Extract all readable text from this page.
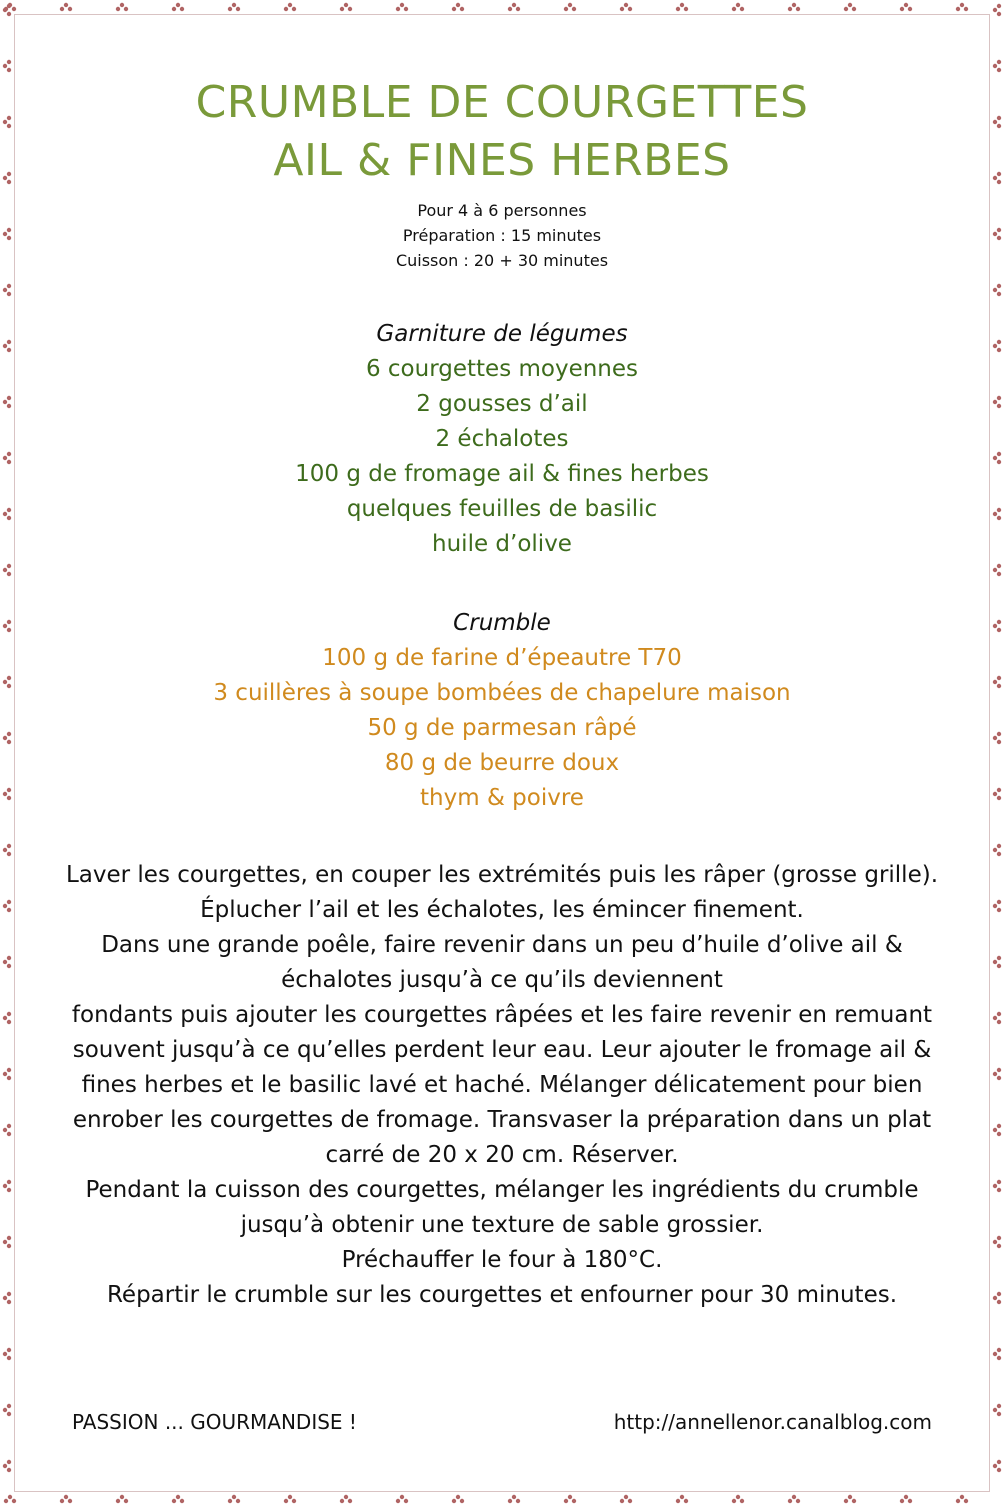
CRUMBLE DE COURGETTES
AIL & FINES HERBES
Pour 4 à 6 personnes
Préparation : 15 minutes
Cuisson : 20 + 30 minutes
Garniture de légumes
6 courgettes moyennes
2 gousses d’ail
2 échalotes
100 g de fromage ail & fines herbes
quelques feuilles de basilic
huile d’olive
Crumble
100 g de farine d’épeautre T70
3 cuillères à soupe bombées de chapelure maison
50 g de parmesan râpé
80 g de beurre doux
thym & poivre

Laver les courgettes, en couper les extrémités puis les râper (grosse grille). Éplucher l’ail et les échalotes, les émincer finement.

Dans une grande poêle, faire revenir dans un peu d’huile d’olive ail & échalotes jusqu’à ce qu’ils deviennent

fondants puis ajouter les courgettes râpées et les faire revenir en remuant souvent jusqu’à ce qu’elles perdent leur eau. Leur ajouter le fromage ail & fines herbes et le basilic lavé et haché. Mélanger délicatement pour bien enrober les courgettes de fromage. Transvaser la préparation dans un plat carré de 20 x 20 cm. Réserver.

Pendant la cuisson des courgettes, mélanger les ingrédients du crumble jusqu’à obtenir une texture de sable grossier.

Préchauffer le four à 180°C.

Répartir le crumble sur les courgettes et enfourner pour 30 minutes.

PASSION ... GOURMANDISE !	http://annellenor.canalblog.com
